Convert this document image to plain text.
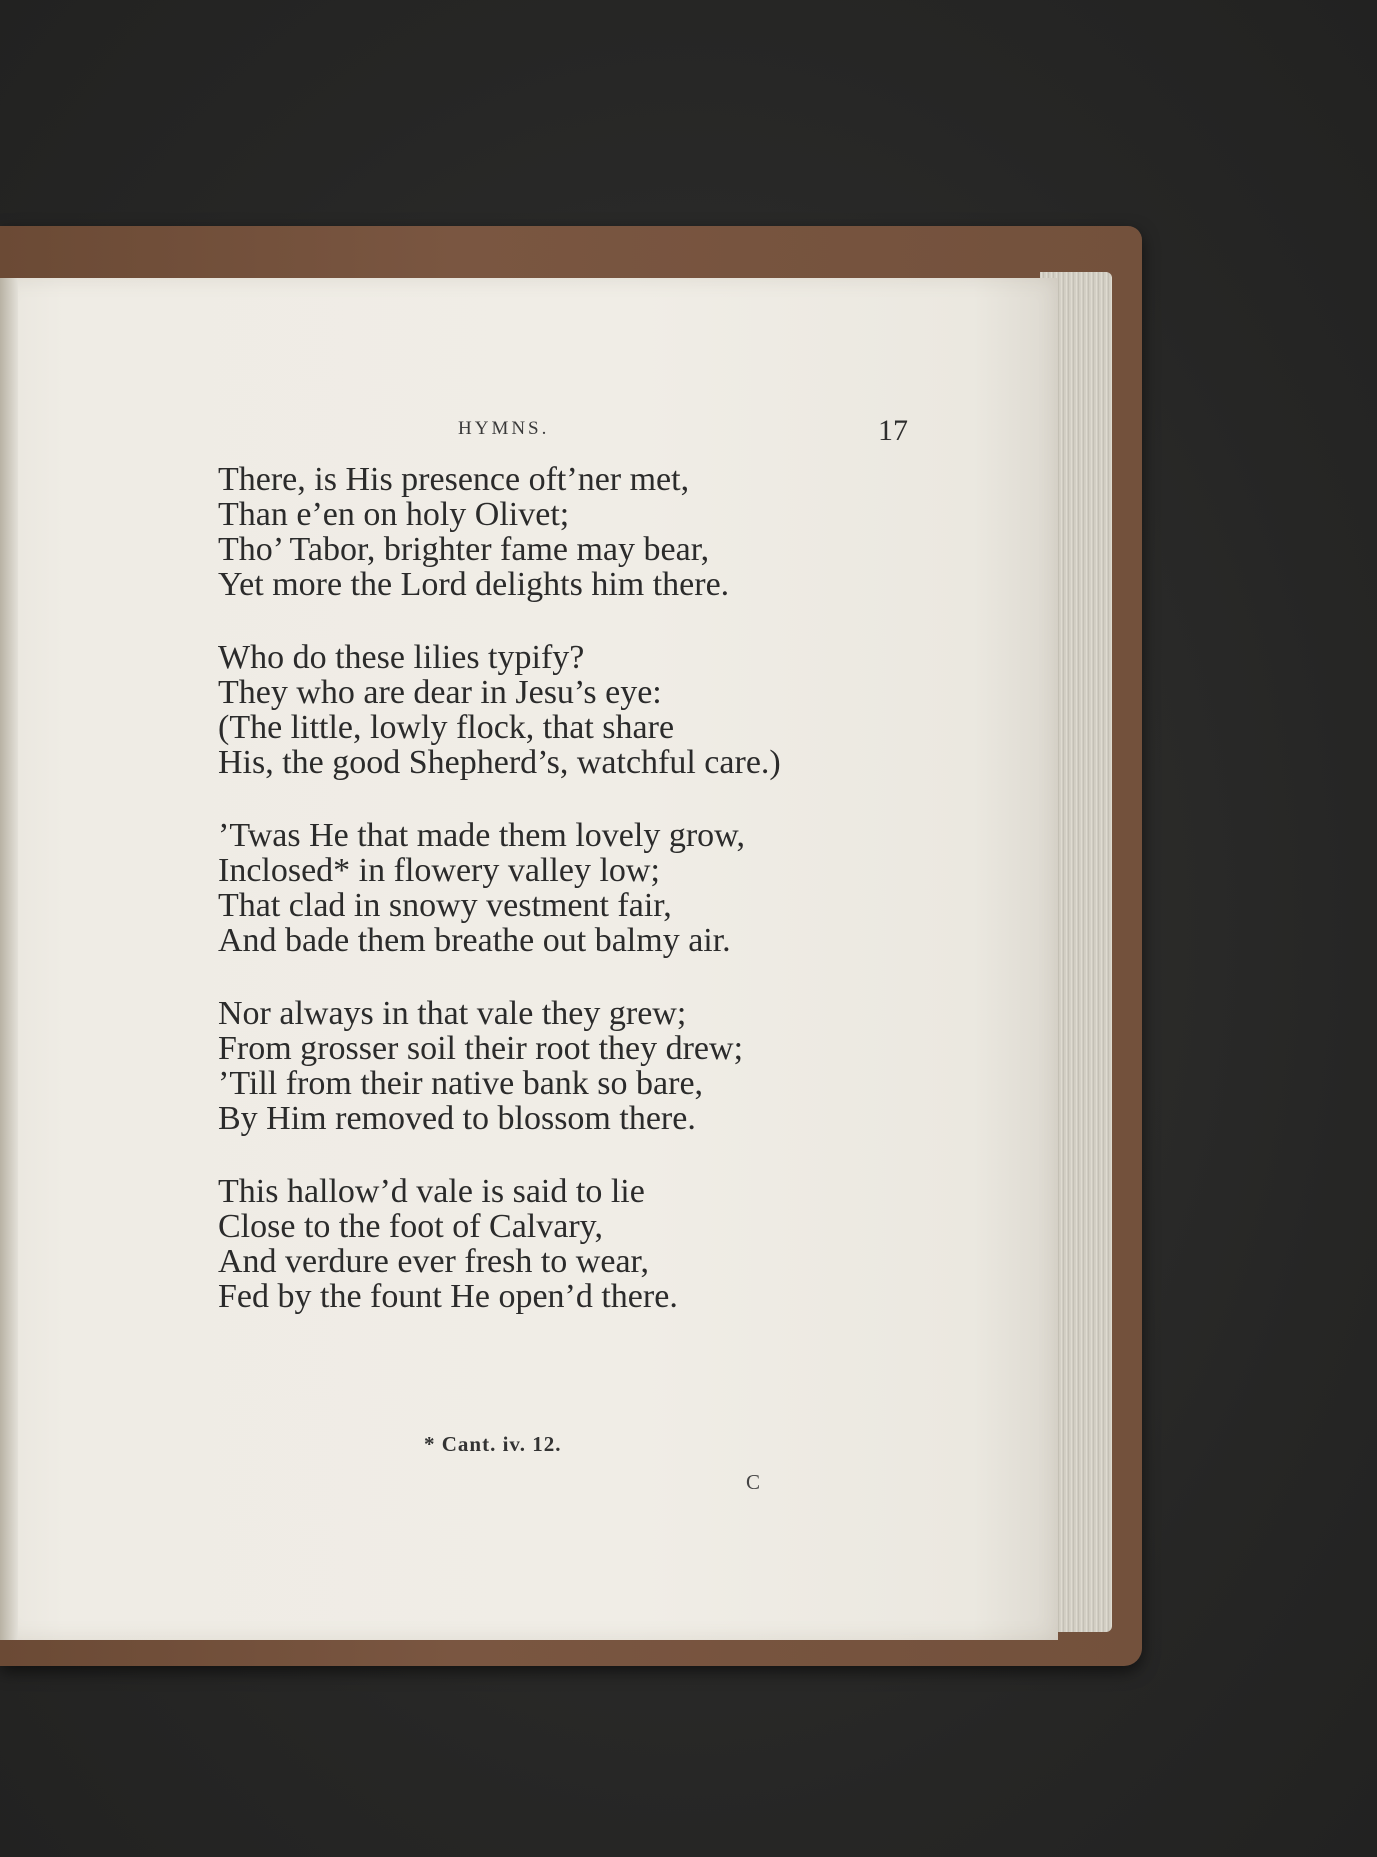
HYMNS.	17
There, is His presence oft’ner met,
Than e’en on holy Olivet;
Tho’ Tabor, brighter fame may bear,
Yet more the Lord delights him there.
Who do these lilies typify?
They who are dear in Jesu’s eye:
(The little, lowly flock, that share
His, the good Shepherd’s, watchful care.)
’Twas He that made them lovely grow,
Inclosed* in flowery valley low;
That clad in snowy vestment fair,
And bade them breathe out balmy air.
Nor always in that vale they grew;
From grosser soil their root they drew;
’Till from their native bank so bare,
By Him removed to blossom there.
This hallow’d vale is said to lie
Close to the foot of Calvary,
And verdure ever fresh to wear,
Fed by the fount He open’d there.
* Cant. iv. 12.
C
